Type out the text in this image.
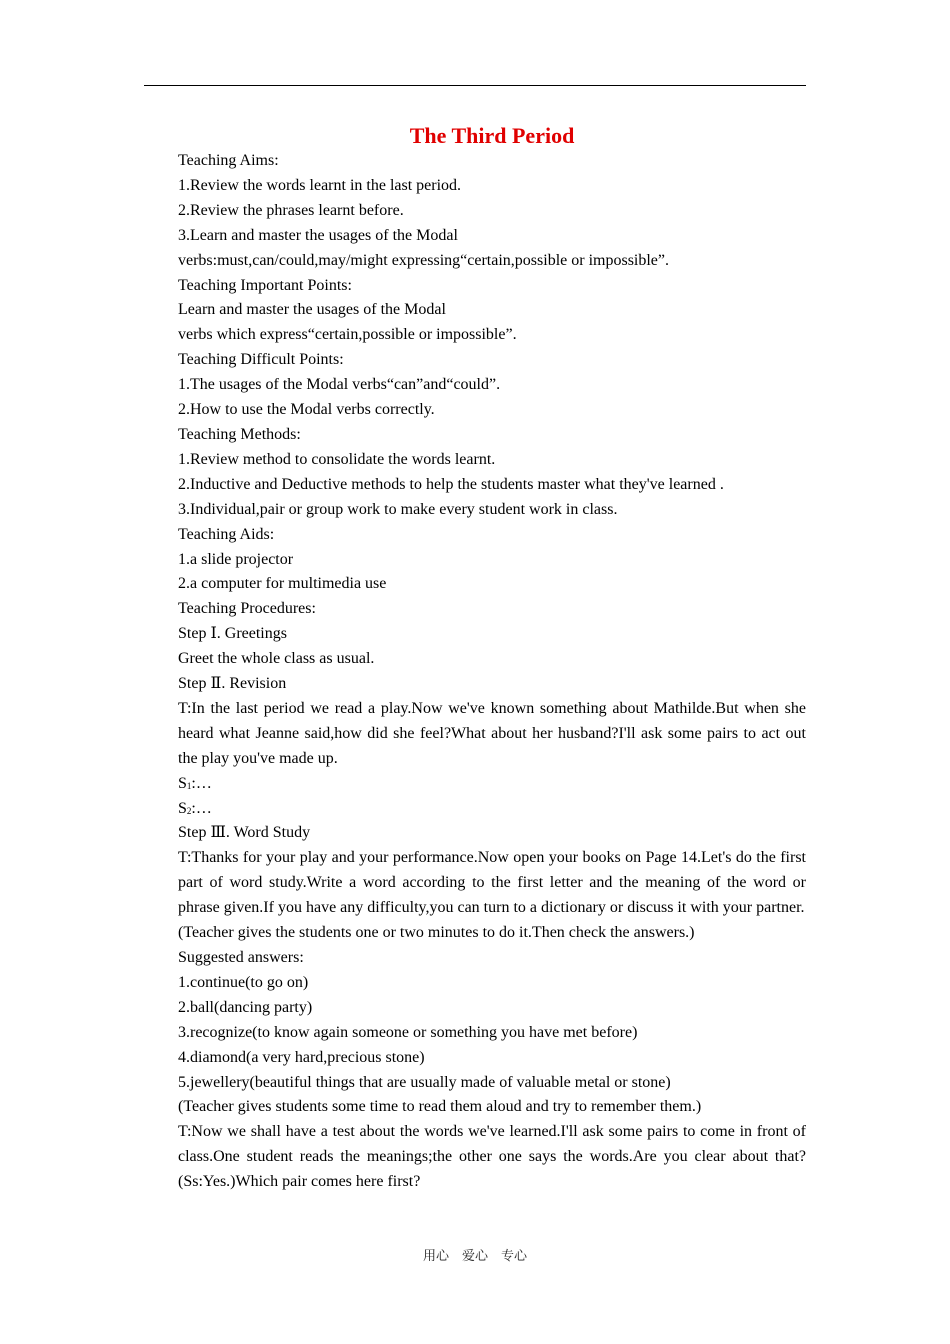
The Third Period

Teaching Aims:

1.Review the words learnt in the last period.

2.Review the phrases learnt before.

3.Learn and master the usages of the Modal

verbs:must,can/could,may/might expressing“certain,possible or impossible”.

Teaching Important Points:

Learn and master the usages of the Modal

verbs which express“certain,possible or impossible”.

Teaching Difficult Points:

1.The usages of the Modal verbs“can”and“could”.

2.How to use the Modal verbs correctly.

Teaching Methods:

1.Review method to consolidate the words learnt.

2.Inductive and Deductive methods to help the students master what they've learned .

3.Individual,pair or group work to make every student work in class.

Teaching Aids:

1.a slide projector

2.a computer for multimedia use

Teaching Procedures:

Step Ⅰ. Greetings

Greet the whole class as usual.

Step Ⅱ. Revision

T:In the last period we read a play.Now we've known something about Mathilde.But when she heard what Jeanne said,how did she feel?What about her husband?I'll ask some pairs to act out the play you've made up.

$S_1:\dots$

$S_2:\dots$

Step Ⅲ. Word Study

T:Thanks for your play and your performance.Now open your books on Page 14.Let's do the first part of word study.Write a word according to the first letter and the meaning of the word or phrase given.If you have any difficulty,you can turn to a dictionary or discuss it with your partner.

(Teacher gives the students one or two minutes to do it.Then check the answers.)

Suggested answers:

1.continue(to go on)

2.ball(dancing party)

3.recognize(to know again someone or something you have met before)

4.diamond(a very hard,precious stone)

5.jewellery(beautiful things that are usually made of valuable metal or stone)

(Teacher gives students some time to read them aloud and try to remember them.)

T:Now we shall have a test about the words we've learned.I'll ask some pairs to come in front of class.One student reads the meanings;the other one says the words.Are you clear about that?(Ss:Yes.)Which pair comes here first?

用心　爱心　专心
